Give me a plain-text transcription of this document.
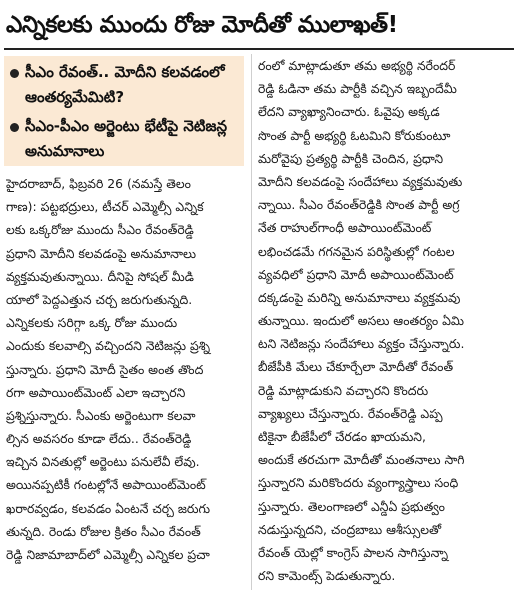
ఎన్నికలకు ముందు రోజు మోదీతో ములాఖత్!
సీఎం రేవంత్.. మోదీని కలవడంలో ఆంతర్యమేమిటి?
సీఎం-పీఎం అర్జెంటు భేటీపై నెటిజన్ల అనుమానాలు
హైదరాబాద్, ఫిబ్రవరి 26 (నమస్తే తెలం
గాణ): పట్టభద్రులు, టీచర్ ఎమ్మెల్సీ ఎన్నిక
లకు ఒక్కరోజు ముందు సీఎం రేవంత్‌రెడ్డి
ప్రధాని మోదీని కలవడంపై అనుమానాలు
వ్యక్తమవుతున్నాయి. దీనిపై సోషల్ మీడి
యాలో పెద్దఎత్తున చర్చ జరుగుతున్నది.
ఎన్నికలకు సరిగ్గా ఒక్క రోజు ముందు
ఎందుకు కలవాల్సి వచ్చిందని నెటిజన్లు ప్రశ్ని
స్తున్నారు. ప్రధాని మోదీ సైతం అంత తొంద
రగా అపాయింట్‌మెంట్ ఎలా ఇచ్చారని
ప్రశ్నిస్తున్నారు. సీఎంకు అర్జెంటుగా కలవా
ల్సిన అవసరం కూడా లేదు.. రేవంత్‌రెడ్డి
ఇచ్చిన వినతుల్లో అర్జెంటు పనులేవీ లేవు.
అయినప్పటికీ గంటల్లోనే అపాయింట్‌మెంట్
ఖరారవ్వడం, కలవడం ఏంటనే చర్చ జరుగు
తున్నది. రెండు రోజుల క్రితం సీఎం రేవంత్
రెడ్డి నిజామాబాద్‌లో ఎమ్మెల్సీ ఎన్నికల ప్రచా
రంలో మాట్లాడుతూ తమ అభ్యర్థి నరేందర్
రెడ్డి ఓడినా తమ పార్టీకి వచ్చిన ఇబ్బందేమీ
లేదని వ్యాఖ్యానించారు. ఓవైపు అక్కడ
సొంత పార్టీ అభ్యర్థి ఓటమిని కోరుకుంటూ
మరోవైపు ప్రత్యర్థి పార్టీకి చెందిన, ప్రధాని
మోదీని కలవడంపై సందేహాలు వ్యక్తమవుతు
న్నాయి. సీఎం రేవంత్‌రెడ్డికి సొంత పార్టీ అగ్ర
నేత రాహుల్‌గాంధీ అపాయింట్‌మెంట్
లభించడమే గగనమైన పరిస్థితుల్లో గంటల
వ్యవధిలో ప్రధాని మోదీ అపాయింట్‌మెంట్
దక్కడంపై మరిన్ని అనుమానాలు వ్యక్తమవు
తున్నాయి. ఇందులో అసలు ఆంతర్యం ఏమి
టని నెటిజన్లు సందేహాలు వ్యక్తం చేస్తున్నారు.
బీజేపీకి మేలు చేకూర్చేలా మోదీతో రేవంత్
రెడ్డి మాట్లాడుకుని వచ్చారని కొందరు
వ్యాఖ్యలు చేస్తున్నారు. రేవంత్‌రెడ్డి ఎప్ప
టికైనా బీజేపీలో చేరడం ఖాయమని,
అందుకే తరచుగా మోదీతో మంతనాలు సాగి
స్తున్నారని మరికొందరు వ్యంగ్యాస్త్రాలు సంధి
స్తున్నారు. తెలంగాణలో ఎన్డీఏ ప్రభుత్వం
నడుస్తున్నదని, చంద్రబాబు ఆశీస్సులతో
రేవంత్ యెల్లో కాంగ్రెస్ పాలన సాగిస్తున్నా
రని కామెంట్స్ పెడుతున్నారు.
